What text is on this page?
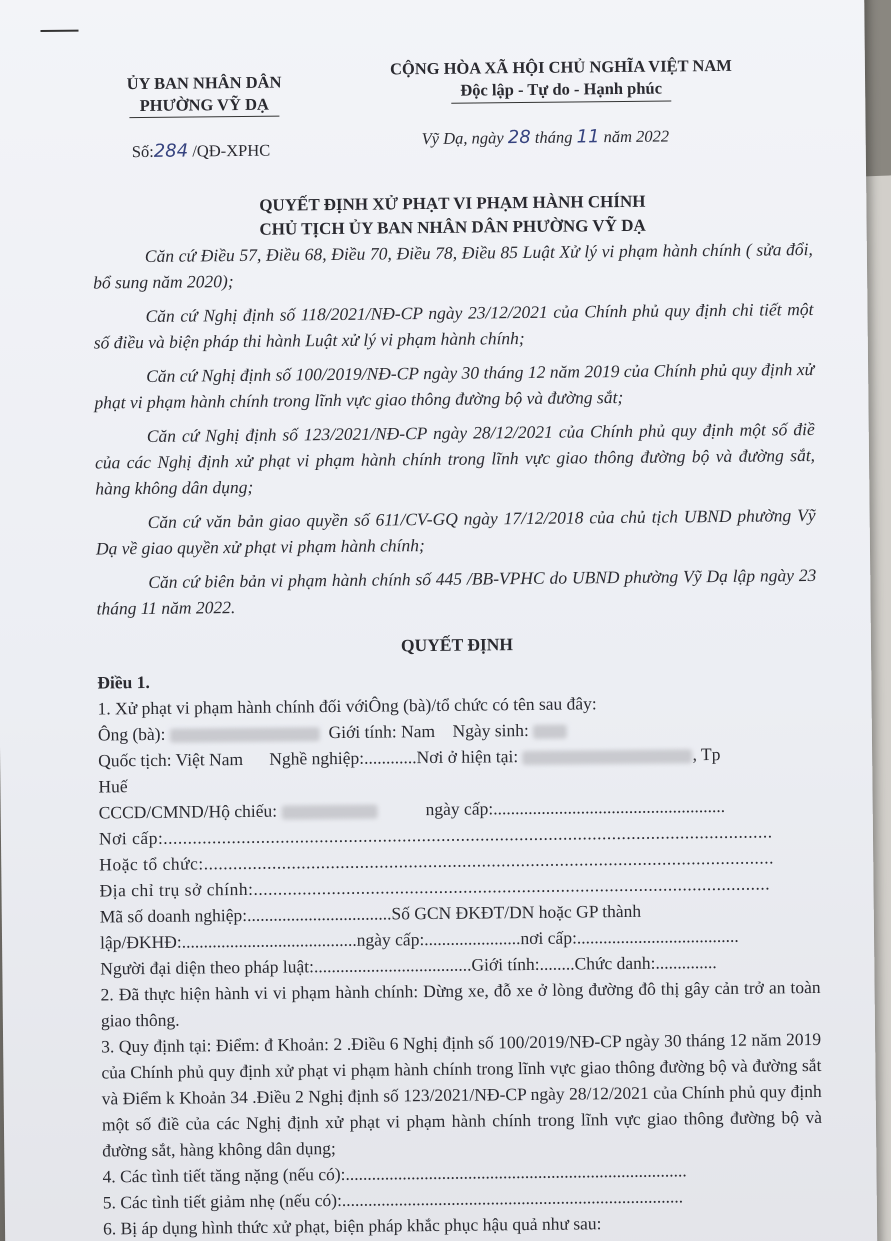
ỦY BAN NHÂN DÂN
PHƯỜNG VỸ DẠ
CỘNG HÒA XÃ HỘI CHỦ NGHĨA VIỆT NAM
Độc lập - Tự do - Hạnh phúc
Số:284 /QĐ-XPHC
Vỹ Dạ, ngày 28 tháng 11 năm 2022
QUYẾT ĐỊNH XỬ PHẠT VI PHẠM HÀNH CHÍNH
CHỦ TỊCH ỦY BAN NHÂN DÂN PHƯỜNG VỸ DẠ

Căn cứ Điều 57, Điều 68, Điều 70, Điều 78, Điều 85 Luật Xử lý vi phạm hành chính ( sửa đổi, bổ sung năm 2020);

Căn cứ Nghị định số 118/2021/NĐ-CP ngày 23/12/2021 của Chính phủ quy định chi tiết một số điều và biện pháp thi hành Luật xử lý vi phạm hành chính;

Căn cứ Nghị định số 100/2019/NĐ-CP ngày 30 tháng 12 năm 2019 của Chính phủ quy định xử phạt vi phạm hành chính trong lĩnh vực giao thông đường bộ và đường sắt;

Căn cứ Nghị định số 123/2021/NĐ-CP ngày 28/12/2021 của Chính phủ quy định một số điề của các Nghị định xử phạt vi phạm hành chính trong lĩnh vực giao thông đường bộ và đường sắt, hàng không dân dụng;

Căn cứ văn bản giao quyền số 611/CV-GQ ngày 17/12/2018 của chủ tịch UBND phường Vỹ Dạ về giao quyền xử phạt vi phạm hành chính;

Căn cứ biên bản vi phạm hành chính số 445 /BB-VPHC do UBND phường Vỹ Dạ lập ngày 23 tháng 11 năm 2022.

QUYẾT ĐỊNH

Điều 1.

1. Xử phạt vi phạm hành chính đối vớiÔng (bà)/tổ chức có tên sau đây:

Ông (bà):	Giới tính: Nam Ngày sinh:

Quốc tịch: Việt Nam Nghề nghiệp:............Nơi ở hiện tại:	, Tp

Huế

CCCD/CMND/Hộ chiếu:	ngày cấp:.....................................................

Nơi cấp:.............................................................................................................................

Hoặc tổ chức:.....................................................................................................................

Địa chỉ trụ sở chính:..........................................................................................................

Mã số doanh nghiệp:.................................Số GCN ĐKĐT/DN hoặc GP thành

lập/ĐKHĐ:........................................ngày cấp:......................nơi cấp:.....................................

Người đại diện theo pháp luật:....................................Giới tính:........Chức danh:..............

2. Đã thực hiện hành vi vi phạm hành chính: Dừng xe, đỗ xe ở lòng đường đô thị gây cản trở an toàn giao thông.

3. Quy định tại: Điểm: đ Khoản: 2 .Điều 6 Nghị định số 100/2019/NĐ-CP ngày 30 tháng 12 năm 2019 của Chính phủ quy định xử phạt vi phạm hành chính trong lĩnh vực giao thông đường bộ và đường sắt và Điểm k Khoản 34 .Điều 2 Nghị định số 123/2021/NĐ-CP ngày 28/12/2021 của Chính phủ quy định một số điề của các Nghị định xử phạt vi phạm hành chính trong lĩnh vực giao thông đường bộ và đường sắt, hàng không dân dụng;

4. Các tình tiết tăng nặng (nếu có):..............................................................................

5. Các tình tiết giảm nhẹ (nếu có):..............................................................................

6. Bị áp dụng hình thức xử phạt, biện pháp khắc phục hậu quả như sau:
